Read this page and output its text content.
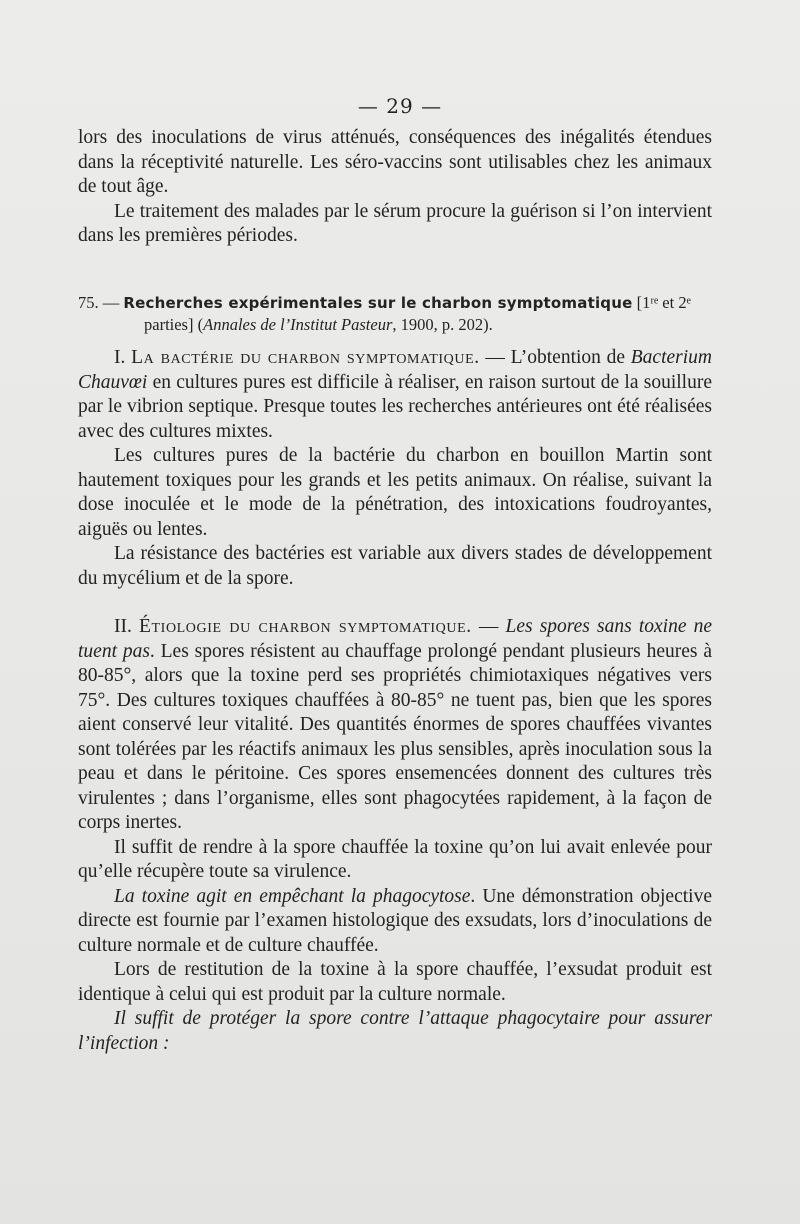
— 29 —

lors des inoculations de virus atténués, conséquences des inégalités étendues dans la réceptivité naturelle. Les séro-vaccins sont utilisables chez les animaux de tout âge.

Le traitement des malades par le sérum procure la guérison si l’on intervient dans les premières périodes.

75. — Recherches expérimentales sur le charbon symptomatique [1ʳᵉ et 2ᵉ

parties] (Annales de l’Institut Pasteur, 1900, p. 202).

I. La bactérie du charbon symptomatique. — L’obtention de Bacterium Chauvœi en cultures pures est difficile à réaliser, en raison surtout de la souillure par le vibrion septique. Presque toutes les recherches antérieures ont été réalisées avec des cultures mixtes.

Les cultures pures de la bactérie du charbon en bouillon Martin sont hautement toxiques pour les grands et les petits animaux. On réalise, suivant la dose inoculée et le mode de la pénétration, des intoxications foudroyantes, aiguës ou lentes.

La résistance des bactéries est variable aux divers stades de développement du mycélium et de la spore.

II. Étiologie du charbon symptomatique. — Les spores sans toxine ne tuent pas. Les spores résistent au chauffage prolongé pendant plusieurs heures à 80-85°, alors que la toxine perd ses propriétés chimiotaxiques négatives vers 75°. Des cultures toxiques chauffées à 80-85° ne tuent pas, bien que les spores aient conservé leur vitalité. Des quantités énormes de spores chauffées vivantes sont tolérées par les réactifs animaux les plus sensibles, après inoculation sous la peau et dans le péritoine. Ces spores ensemencées donnent des cultures très virulentes ; dans l’organisme, elles sont phagocytées rapidement, à la façon de corps inertes.

Il suffit de rendre à la spore chauffée la toxine qu’on lui avait enlevée pour qu’elle récupère toute sa virulence.

La toxine agit en empêchant la phagocytose. Une démonstration objective directe est fournie par l’examen histologique des exsudats, lors d’inoculations de culture normale et de culture chauffée.

Lors de restitution de la toxine à la spore chauffée, l’exsudat produit est identique à celui qui est produit par la culture normale.

Il suffit de protéger la spore contre l’attaque phagocytaire pour assurer l’infection :
